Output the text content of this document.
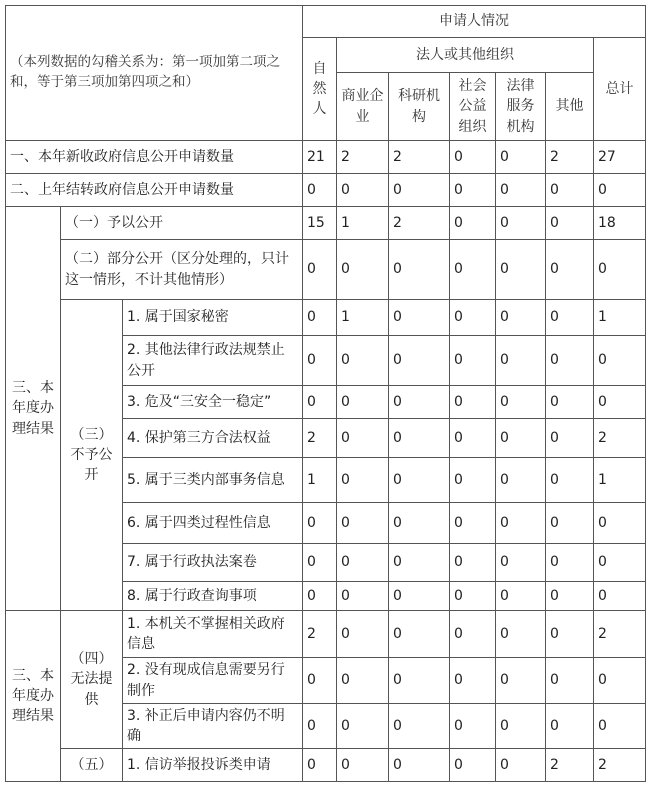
（本列数据的勾稽关系为：第一项加第二项之和，等于第三项加第四项之和）			申请人情况						
			自然人	法人或其他组织					总计
				商业企业	科研机构	社会公益组织	法律服务机构	其他	
一、本年新收政府信息公开申请数量			21	2	2	0	0	2	27
二、上年结转政府信息公开申请数量			0	0	0	0	0	0	0
三、本年度办理结果	（一）予以公开		15	1	2	0	0	0	18
	（二）部分公开（区分处理的，只计这一情形，不计其他情形）		0	0	0	0	0	0	0
	（三）不予公开	1. 属于国家秘密	0	1	0	0	0	0	1
		2. 其他法律行政法规禁止公开	0	0	0	0	0	0	0
		3. 危及“三安全一稳定”	0	0	0	0	0	0	0
		4. 保护第三方合法权益	2	0	0	0	0	0	2
		5. 属于三类内部事务信息	1	0	0	0	0	0	1
		6. 属于四类过程性信息	0	0	0	0	0	0	0
		7. 属于行政执法案卷	0	0	0	0	0	0	0
		8. 属于行政查询事项	0	0	0	0	0	0	0
三、本年度办理结果	（四）无法提供	1. 本机关不掌握相关政府信息	2	0	0	0	0	0	2
		2. 没有现成信息需要另行制作	0	0	0	0	0	0	0
		3. 补正后申请内容仍不明确	0	0	0	0	0	0	0
	（五）	1. 信访举报投诉类申请	0	0	0	0	0	2	2
